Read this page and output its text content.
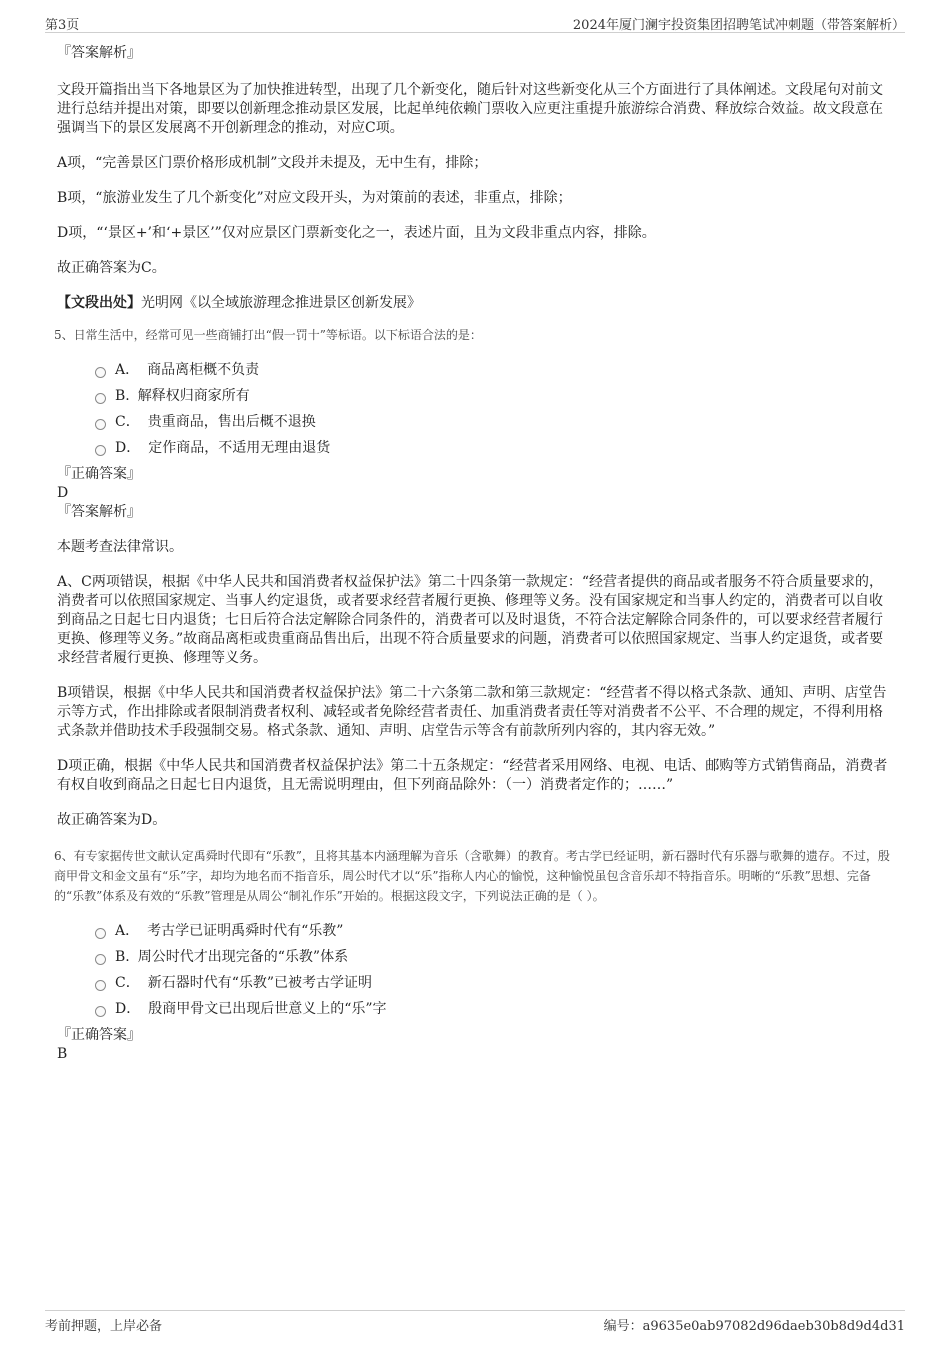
第3页	2024年厦门澜宇投资集团招聘笔试冲刺题（带答案解析）

『答案解析』

文段开篇指出当下各地景区为了加快推进转型，出现了几个新变化，随后针对这些新变化从三个方面进行了具体阐述。文段尾句对前文进行总结并提出对策，即要以创新理念推动景区发展，比起单纯依赖门票收入应更注重提升旅游综合消费、释放综合效益。故文段意在强调当下的景区发展离不开创新理念的推动，对应C项。

A项，“完善景区门票价格形成机制”文段并未提及，无中生有，排除；

B项，“旅游业发生了几个新变化”对应文段开头，为对策前的表述，非重点，排除；

D项，“‘景区+’和‘+景区’”仅对应景区门票新变化之一，表述片面，且为文段非重点内容，排除。

故正确答案为C。

【文段出处】光明网《以全域旅游理念推进景区创新发展》

5、日常生活中，经常可见一些商铺打出“假一罚十”等标语。以下标语合法的是：

A． 商品离柜概不负责
B. 解释权归商家所有
C． 贵重商品，售出后概不退换
D． 定作商品，不适用无理由退货

『正确答案』

D

『答案解析』

本题考查法律常识。

A、C两项错误，根据《中华人民共和国消费者权益保护法》第二十四条第一款规定：“经营者提供的商品或者服务不符合质量要求的，消费者可以依照国家规定、当事人约定退货，或者要求经营者履行更换、修理等义务。没有国家规定和当事人约定的，消费者可以自收到商品之日起七日内退货；七日后符合法定解除合同条件的，消费者可以及时退货，不符合法定解除合同条件的，可以要求经营者履行更换、修理等义务。”故商品离柜或贵重商品售出后，出现不符合质量要求的问题，消费者可以依照国家规定、当事人约定退货，或者要求经营者履行更换、修理等义务。

B项错误，根据《中华人民共和国消费者权益保护法》第二十六条第二款和第三款规定：“经营者不得以格式条款、通知、声明、店堂告示等方式，作出排除或者限制消费者权利、减轻或者免除经营者责任、加重消费者责任等对消费者不公平、不合理的规定，不得利用格式条款并借助技术手段强制交易。格式条款、通知、声明、店堂告示等含有前款所列内容的，其内容无效。”

D项正确，根据《中华人民共和国消费者权益保护法》第二十五条规定：“经营者采用网络、电视、电话、邮购等方式销售商品，消费者有权自收到商品之日起七日内退货，且无需说明理由，但下列商品除外：（一）消费者定作的；……”

故正确答案为D。

6、有专家据传世文献认定禹舜时代即有“乐教”，且将其基本内涵理解为音乐（含歌舞）的教育。考古学已经证明，新石器时代有乐器与歌舞的遗存。不过，殷商甲骨文和金文虽有“乐”字，却均为地名而不指音乐，周公时代才以“乐”指称人内心的愉悦，这种愉悦虽包含音乐却不特指音乐。明晰的“乐教”思想、完备的“乐教”体系及有效的“乐教”管理是从周公“制礼作乐”开始的。根据这段文字，下列说法正确的是（ ）。

A． 考古学已证明禹舜时代有“乐教”
B. 周公时代才出现完备的“乐教”体系
C． 新石器时代有“乐教”已被考古学证明
D． 殷商甲骨文已出现后世意义上的“乐”字

『正确答案』

B

考前押题，上岸必备	编号：a9635e0ab97082d96daeb30b8d9d4d31
